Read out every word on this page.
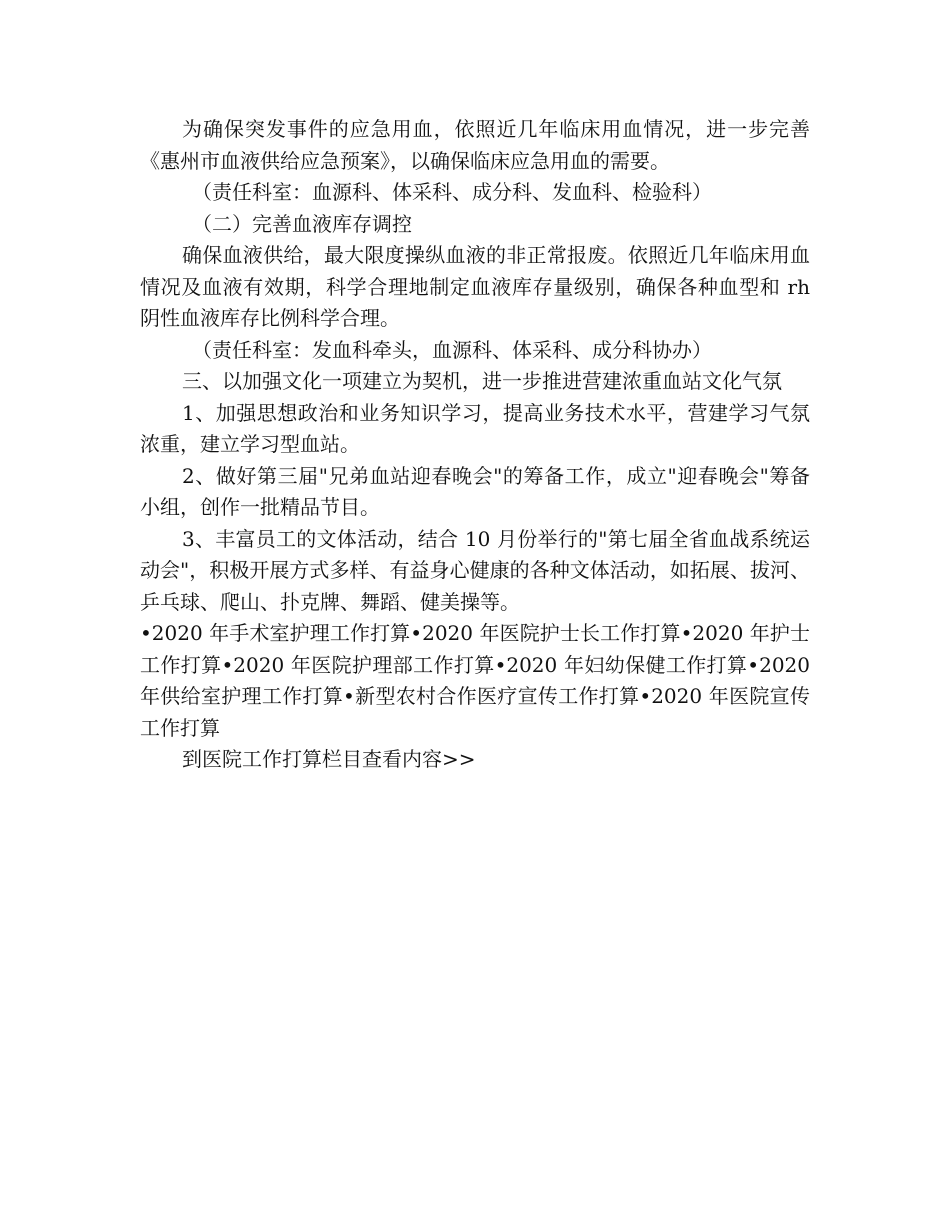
为确保突发事件的应急用血，依照近几年临床用血情况，进一步完善《惠州市血液供给应急预案》，以确保临床应急用血的需要。

（责任科室：血源科、体采科、成分科、发血科、检验科）

（二）完善血液库存调控

确保血液供给，最大限度操纵血液的非正常报废。依照近几年临床用血情况及血液有效期，科学合理地制定血液库存量级别，确保各种血型和 rh 阴性血液库存比例科学合理。

（责任科室：发血科牵头，血源科、体采科、成分科协办）

三、以加强文化一项建立为契机，进一步推进营建浓重血站文化气氛

1、加强思想政治和业务知识学习，提高业务技术水平，营建学习气氛浓重，建立学习型血站。

2、做好第三届"兄弟血站迎春晚会"的筹备工作，成立"迎春晚会"筹备小组，创作一批精品节目。

3、丰富员工的文体活动，结合 10 月份举行的"第七届全省血战系统运动会"，积极开展方式多样、有益身心健康的各种文体活动，如拓展、拔河、乒乓球、爬山、扑克牌、舞蹈、健美操等。

•2020 年手术室护理工作打算•2020 年医院护士长工作打算•2020 年护士工作打算•2020 年医院护理部工作打算•2020 年妇幼保健工作打算•2020 年供给室护理工作打算•新型农村合作医疗宣传工作打算•2020 年医院宣传工作打算

到医院工作打算栏目查看内容>>
